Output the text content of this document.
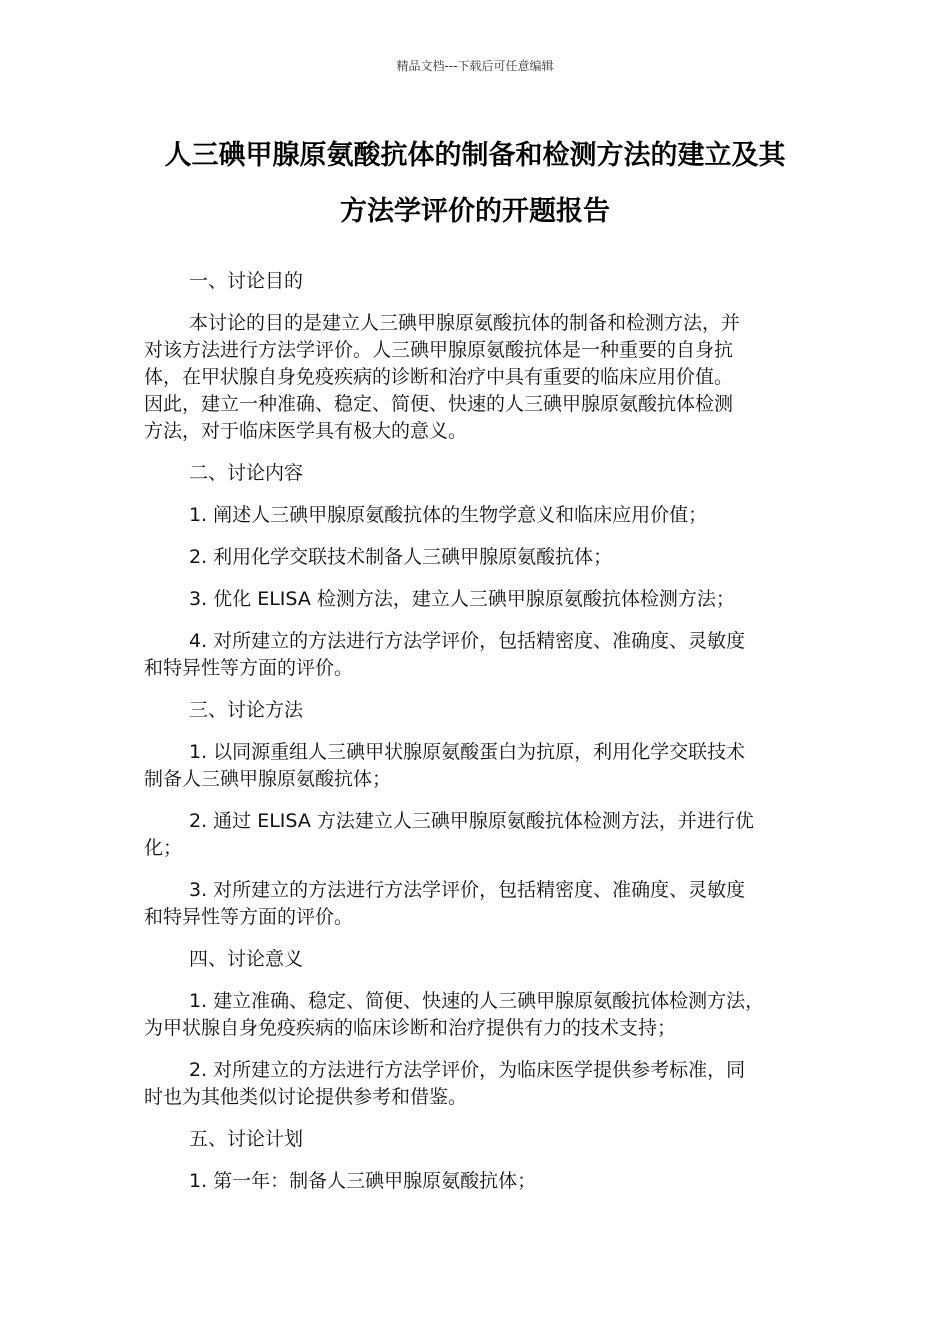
精品文档---下载后可任意编辑
人三碘甲腺原氨酸抗体的制备和检测方法的建立及其
方法学评价的开题报告
一、讨论目的
本讨论的目的是建立人三碘甲腺原氨酸抗体的制备和检测方法，并
对该方法进行方法学评价。人三碘甲腺原氨酸抗体是一种重要的自身抗
体，在甲状腺自身免疫疾病的诊断和治疗中具有重要的临床应用价值。
因此，建立一种准确、稳定、简便、快速的人三碘甲腺原氨酸抗体检测
方法，对于临床医学具有极大的意义。
二、讨论内容
1. 阐述人三碘甲腺原氨酸抗体的生物学意义和临床应用价值；
2. 利用化学交联技术制备人三碘甲腺原氨酸抗体；
3. 优化 ELISA 检测方法，建立人三碘甲腺原氨酸抗体检测方法；
4. 对所建立的方法进行方法学评价，包括精密度、准确度、灵敏度
和特异性等方面的评价。
三、讨论方法
1. 以同源重组人三碘甲状腺原氨酸蛋白为抗原，利用化学交联技术
制备人三碘甲腺原氨酸抗体；
2. 通过 ELISA 方法建立人三碘甲腺原氨酸抗体检测方法，并进行优
化；
3. 对所建立的方法进行方法学评价，包括精密度、准确度、灵敏度
和特异性等方面的评价。
四、讨论意义
1. 建立准确、稳定、简便、快速的人三碘甲腺原氨酸抗体检测方法，
为甲状腺自身免疫疾病的临床诊断和治疗提供有力的技术支持；
2. 对所建立的方法进行方法学评价，为临床医学提供参考标准，同
时也为其他类似讨论提供参考和借鉴。
五、讨论计划
1. 第一年：制备人三碘甲腺原氨酸抗体；
